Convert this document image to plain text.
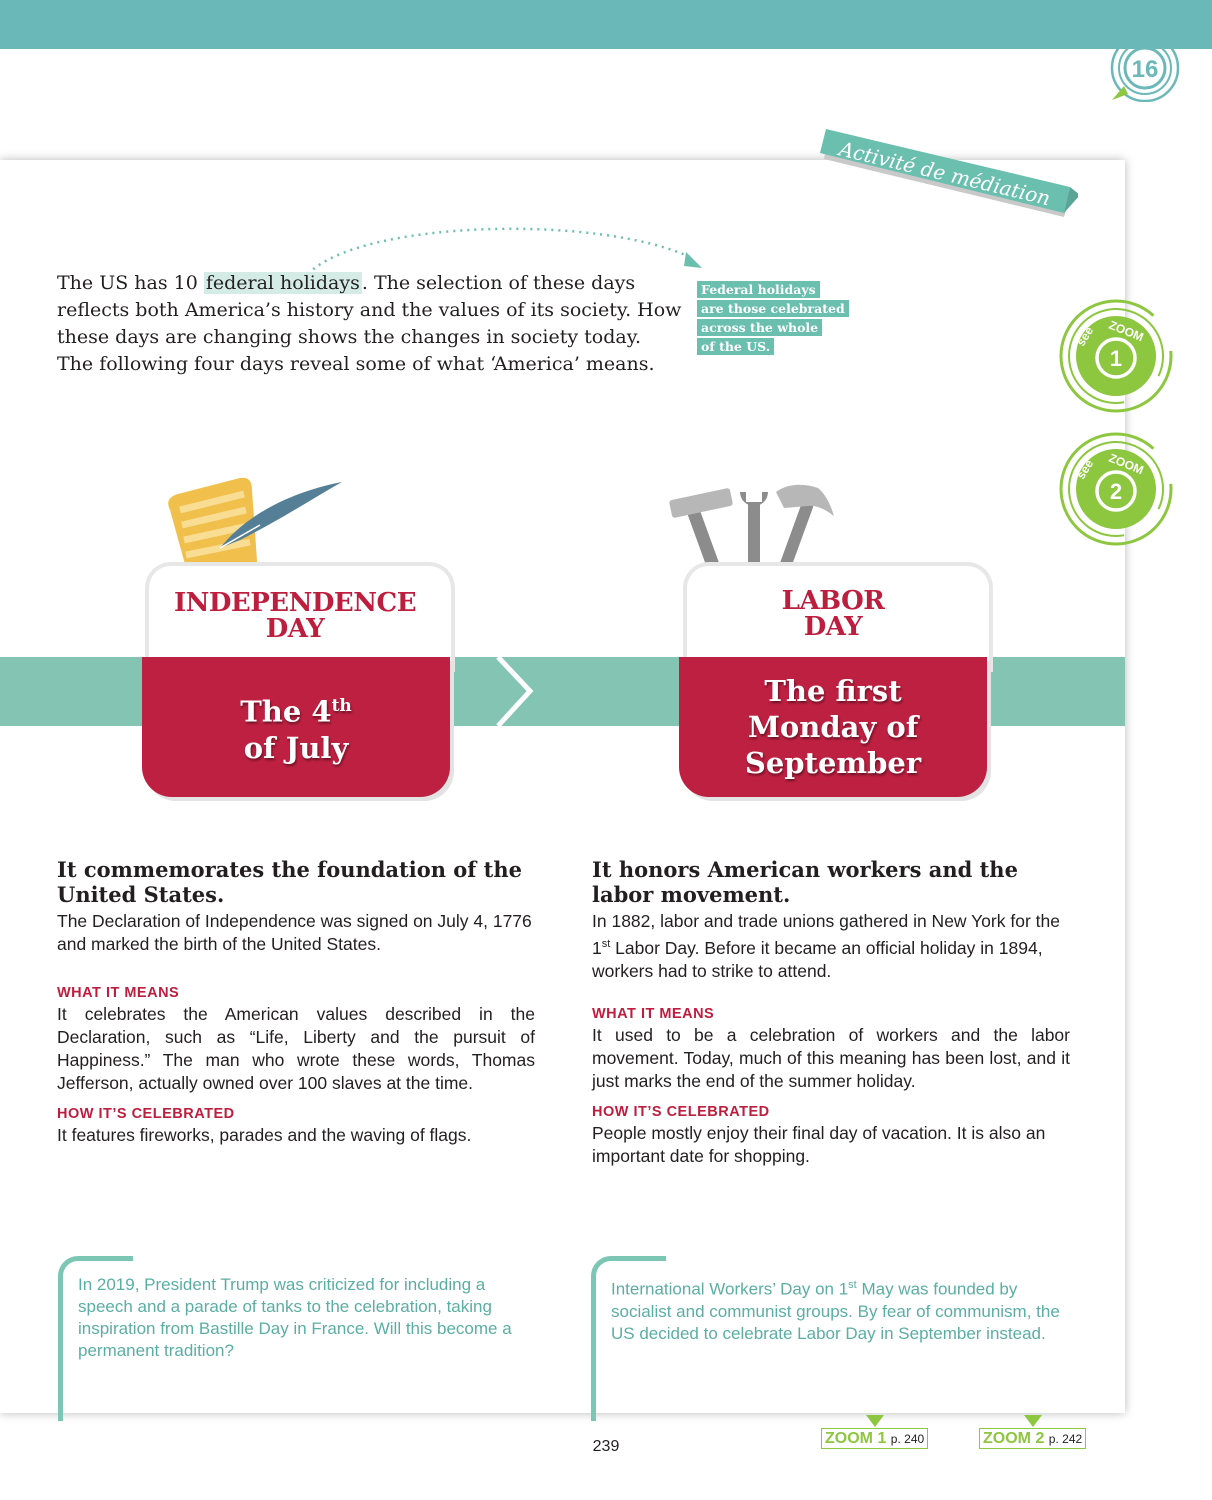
16
Activité de médiation

The US has 10 federal holidays . The selection of these days reflects both America’s history and the values of its society. How these days are changing shows the changes in society today. The following four days reveal some of what ‘America’ means.

Federal holidays
are those celebrated
across the whole
of the US.	1
see ZOOM
2
see ZOOM
INDEPENDENCE
DAY
The 4th
of July
LABOR
DAY
The first
Monday of
September
It commemorates the foundation of the United States.

The Declaration of Independence was signed on July 4, 1776 and marked the birth of the United States.

WHAT IT MEANS

It celebrates the American values described in the Declaration, such as “Life, Liberty and the pursuit of Happiness.” The man who wrote these words, Thomas Jefferson, actually owned over 100 slaves at the time.

HOW IT’S CELEBRATED

It features fireworks, parades and the waving of flags.

It honors American workers and the labor movement.

In 1882, labor and trade unions gathered in New York for the 1st Labor Day. Before it became an official holiday in 1894, workers had to strike to attend.

WHAT IT MEANS

It used to be a celebration of workers and the labor movement. Today, much of this meaning has been lost, and it just marks the end of the summer holiday.

HOW IT’S CELEBRATED

People mostly enjoy their final day of vacation. It is also an important date for shopping.

In 2019, President Trump was criticized for including a speech and a parade of tanks to the celebration, taking inspiration from Bastille Day in France. Will this become a permanent tradition?

International Workers’ Day on 1st May was founded by socialist and communist groups. By fear of communism, the US decided to celebrate Labor Day in September instead.

239	ZOOM 1 p. 240	ZOOM 2 p. 242
